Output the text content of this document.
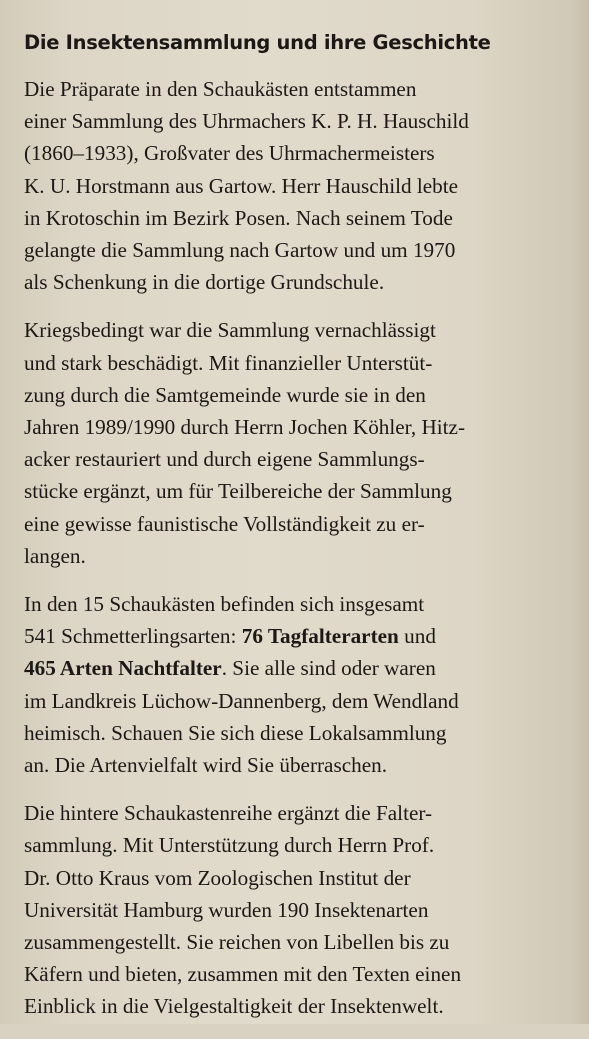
Die Insektensammlung und ihre Geschichte
Die Präparate in den Schaukästen entstammen
einer Sammlung des Uhrmachers K. P. H. Hauschild
(1860–1933), Großvater des Uhrmachermeisters
K. U. Horstmann aus Gartow. Herr Hauschild lebte
in Krotoschin im Bezirk Posen. Nach seinem Tode
gelangte die Sammlung nach Gartow und um 1970
als Schenkung in die dortige Grundschule.
Kriegsbedingt war die Sammlung vernachlässigt
und stark beschädigt. Mit finanzieller Unterstüt-
zung durch die Samtgemeinde wurde sie in den
Jahren 1989/1990 durch Herrn Jochen Köhler, Hitz-
acker restauriert und durch eigene Sammlungs-
stücke ergänzt, um für Teilbereiche der Sammlung
eine gewisse faunistische Vollständigkeit zu er-
langen.
In den 15 Schaukästen befinden sich insgesamt
541 Schmetterlingsarten: 76 Tagfalterarten und
465 Arten Nachtfalter. Sie alle sind oder waren
im Landkreis Lüchow-Dannenberg, dem Wendland
heimisch. Schauen Sie sich diese Lokalsammlung
an. Die Artenvielfalt wird Sie überraschen.
Die hintere Schaukastenreihe ergänzt die Falter-
sammlung. Mit Unterstützung durch Herrn Prof.
Dr. Otto Kraus vom Zoologischen Institut der
Universität Hamburg wurden 190 Insektenarten
zusammengestellt. Sie reichen von Libellen bis zu
Käfern und bieten, zusammen mit den Texten einen
Einblick in die Vielgestaltigkeit der Insektenwelt.
